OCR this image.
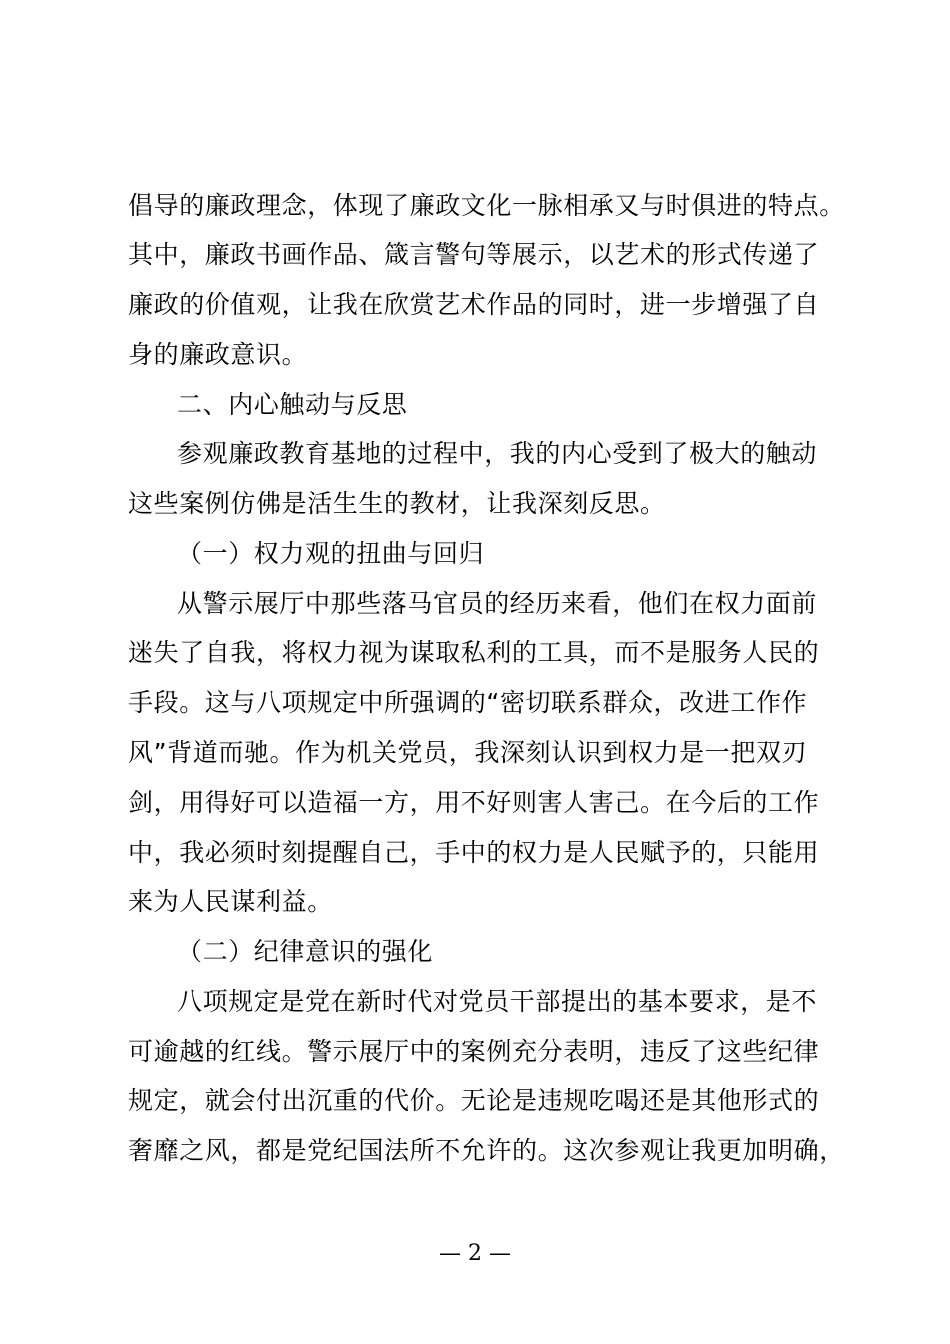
倡导的廉政理念，体现了廉政文化一脉相承又与时俱进的特点。
其中，廉政书画作品、箴言警句等展示，以艺术的形式传递了
廉政的价值观，让我在欣赏艺术作品的同时，进一步增强了自
身的廉政意识。
二、内心触动与反思
参观廉政教育基地的过程中，我的内心受到了极大的触动
这些案例仿佛是活生生的教材，让我深刻反思。
（一）权力观的扭曲与回归
从警示展厅中那些落马官员的经历来看，他们在权力面前
迷失了自我，将权力视为谋取私利的工具，而不是服务人民的
手段。这与八项规定中所强调的“密切联系群众，改进工作作
风”背道而驰。作为机关党员，我深刻认识到权力是一把双刃
剑，用得好可以造福一方，用不好则害人害己。在今后的工作
中，我必须时刻提醒自己，手中的权力是人民赋予的，只能用
来为人民谋利益。
（二）纪律意识的强化
八项规定是党在新时代对党员干部提出的基本要求，是不
可逾越的红线。警示展厅中的案例充分表明，违反了这些纪律
规定，就会付出沉重的代价。无论是违规吃喝还是其他形式的
奢靡之风，都是党纪国法所不允许的。这次参观让我更加明确，
— 2 —
